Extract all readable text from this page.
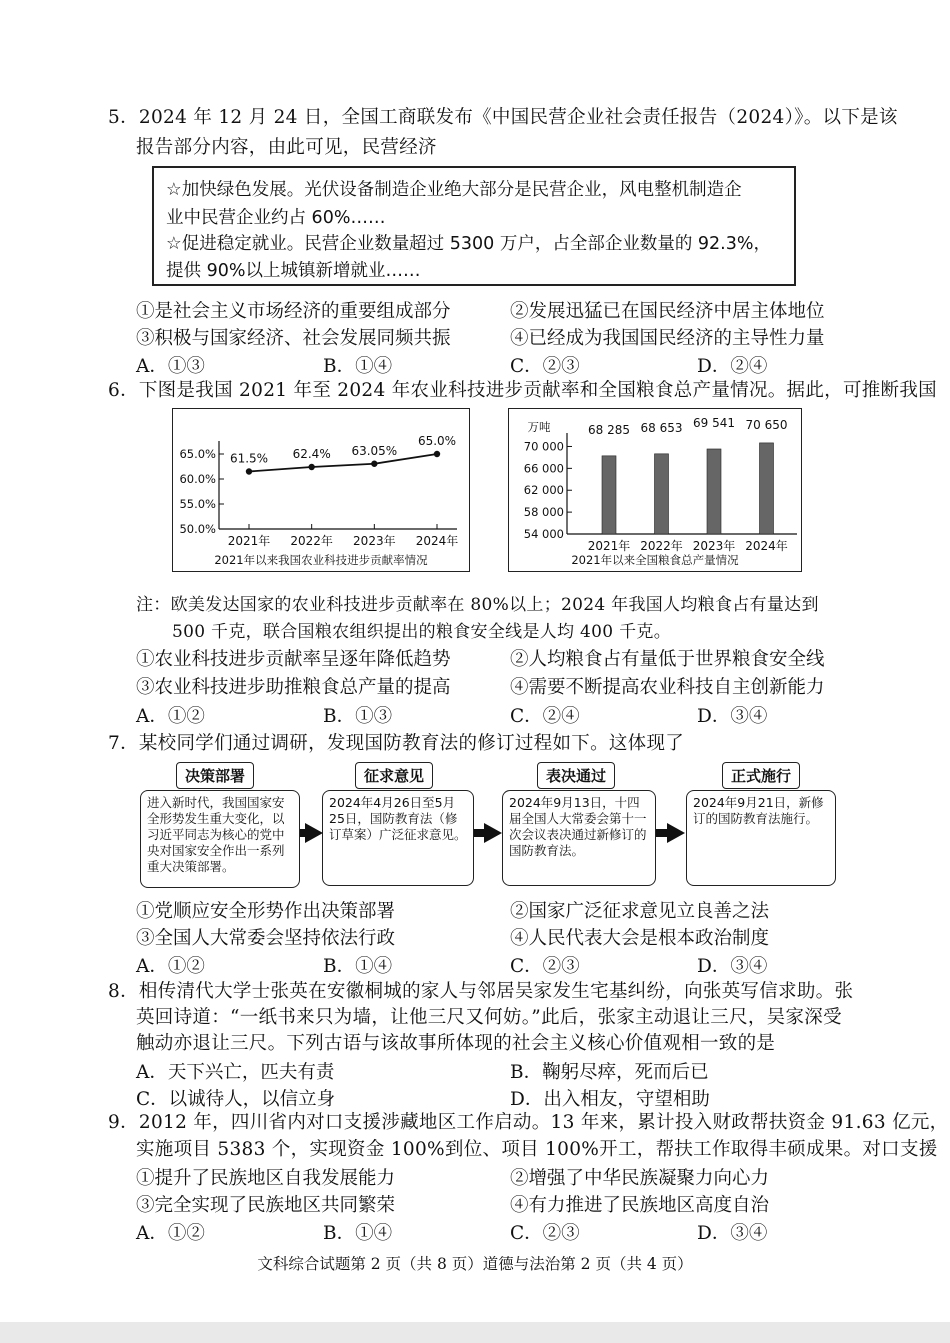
5．2024 年 12 月 24 日，全国工商联发布《中国民营企业社会责任报告（2024）》。以下是该
报告部分内容，由此可见，民营经济
☆加快绿色发展。光伏设备制造企业绝大部分是民营企业，风电整机制造企
业中民营企业约占 60%……
☆促进稳定就业。民营企业数量超过 5300 万户，占全部企业数量的 92.3%，
提供 90%以上城镇新增就业……
①是社会主义市场经济的重要组成部分	②发展迅猛已在国民经济中居主体地位
③积极与国家经济、社会发展同频共振	④已经成为我国国民经济的主导性力量
A．①③	B．①④	C．②③	D．②④
6．下图是我国 2021 年至 2024 年农业科技进步贡献率和全国粮食总产量情况。据此，可推断我国
65.0%
60.0%
55.0%
50.0%
2021年 2022年 2023年 2024年
61.5% 62.4% 63.05%
65.0%
2021年以来我国农业科技进步贡献率情况
万吨
70 000
66 000
62 000
58 000
54 000
2021年
68 285
2022年
68 653
2023年
69 541
2024年
70 650
2021年以来全国粮食总产量情况
注：欧美发达国家的农业科技进步贡献率在 80%以上；2024 年我国人均粮食占有量达到
500 千克，联合国粮农组织提出的粮食安全线是人均 400 千克。
①农业科技进步贡献率呈逐年降低趋势	②人均粮食占有量低于世界粮食安全线
③农业科技进步助推粮食总产量的提高	④需要不断提高农业科技自主创新能力
A．①②	B．①③	C．②④	D．③④
7．某校同学们通过调研，发现国防教育法的修订过程如下。这体现了
决策部署	征求意见	表决通过	正式施行
进入新时代，我国国家安全形势发生重大变化，以习近平同志为核心的党中央对国家安全作出一系列重大决策部署。
2024年4月26日至5月25日，国防教育法（修订草案）广泛征求意见。
2024年9月13日，十四届全国人大常委会第十一次会议表决通过新修订的国防教育法。
2024年9月21日，新修订的国防教育法施行。
①党顺应安全形势作出决策部署	②国家广泛征求意见立良善之法
③全国人大常委会坚持依法行政	④人民代表大会是根本政治制度
A．①②	B．①④	C．②③	D．③④
8．相传清代大学士张英在安徽桐城的家人与邻居吴家发生宅基纠纷，向张英写信求助。张
英回诗道：“一纸书来只为墙，让他三尺又何妨。”此后，张家主动退让三尺，吴家深受
触动亦退让三尺。下列古语与该故事所体现的社会主义核心价值观相一致的是
A．天下兴亡，匹夫有责	B．鞠躬尽瘁，死而后已
C．以诚待人，以信立身	D．出入相友，守望相助
9．2012 年，四川省内对口支援涉藏地区工作启动。13 年来，累计投入财政帮扶资金 91.63 亿元，
实施项目 5383 个，实现资金 100%到位、项目 100%开工，帮扶工作取得丰硕成果。对口支援
①提升了民族地区自我发展能力	②增强了中华民族凝聚力向心力
③完全实现了民族地区共同繁荣	④有力推进了民族地区高度自治
A．①②	B．①④	C．②③	D．③④
文科综合试题第 2 页（共 8 页）道德与法治第 2 页（共 4 页）
